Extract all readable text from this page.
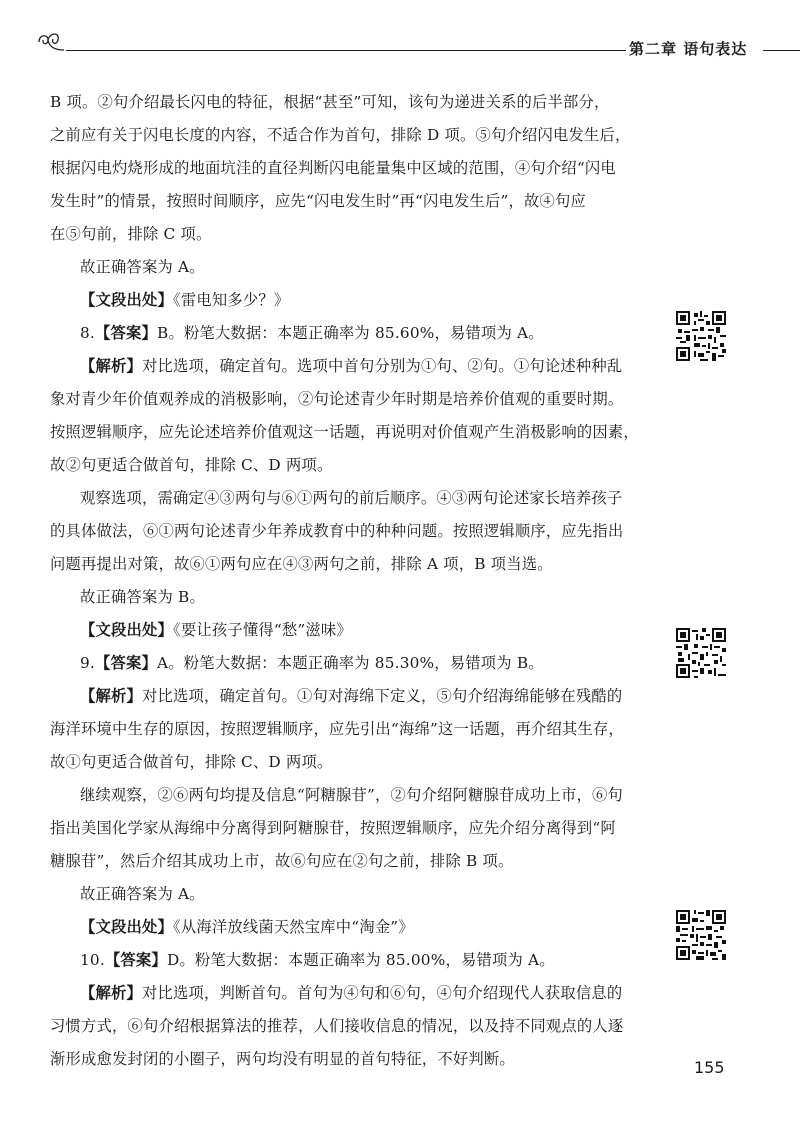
第二章 语句表达
B 项。②句介绍最长闪电的特征，根据“甚至”可知，该句为递进关系的后半部分，
之前应有关于闪电长度的内容，不适合作为首句，排除 D 项。⑤句介绍闪电发生后，
根据闪电灼烧形成的地面坑洼的直径判断闪电能量集中区域的范围，④句介绍“闪电
发生时”的情景，按照时间顺序，应先“闪电发生时”再“闪电发生后”，故④句应
在⑤句前，排除 C 项。
故正确答案为 A。
【文段出处】《雷电知多少？》
8.【答案】B。粉笔大数据：本题正确率为 85.60%，易错项为 A。
【解析】对比选项，确定首句。选项中首句分别为①句、②句。①句论述种种乱
象对青少年价值观养成的消极影响，②句论述青少年时期是培养价值观的重要时期。
按照逻辑顺序，应先论述培养价值观这一话题，再说明对价值观产生消极影响的因素，
故②句更适合做首句，排除 C、D 两项。
观察选项，需确定④③两句与⑥①两句的前后顺序。④③两句论述家长培养孩子
的具体做法，⑥①两句论述青少年养成教育中的种种问题。按照逻辑顺序，应先指出
问题再提出对策，故⑥①两句应在④③两句之前，排除 A 项，B 项当选。
故正确答案为 B。
【文段出处】《要让孩子懂得“愁”滋味》
9.【答案】A。粉笔大数据：本题正确率为 85.30%，易错项为 B。
【解析】对比选项，确定首句。①句对海绵下定义，⑤句介绍海绵能够在残酷的
海洋环境中生存的原因，按照逻辑顺序，应先引出“海绵”这一话题，再介绍其生存，
故①句更适合做首句，排除 C、D 两项。
继续观察，②⑥两句均提及信息“阿糖腺苷”，②句介绍阿糖腺苷成功上市，⑥句
指出美国化学家从海绵中分离得到阿糖腺苷，按照逻辑顺序，应先介绍分离得到“阿
糖腺苷”，然后介绍其成功上市，故⑥句应在②句之前，排除 B 项。
故正确答案为 A。
【文段出处】《从海洋放线菌天然宝库中“淘金”》
10.【答案】D。粉笔大数据：本题正确率为 85.00%，易错项为 A。
【解析】对比选项，判断首句。首句为④句和⑥句，④句介绍现代人获取信息的
习惯方式，⑥句介绍根据算法的推荐，人们接收信息的情况，以及持不同观点的人逐
渐形成愈发封闭的小圈子，两句均没有明显的首句特征，不好判断。	155
